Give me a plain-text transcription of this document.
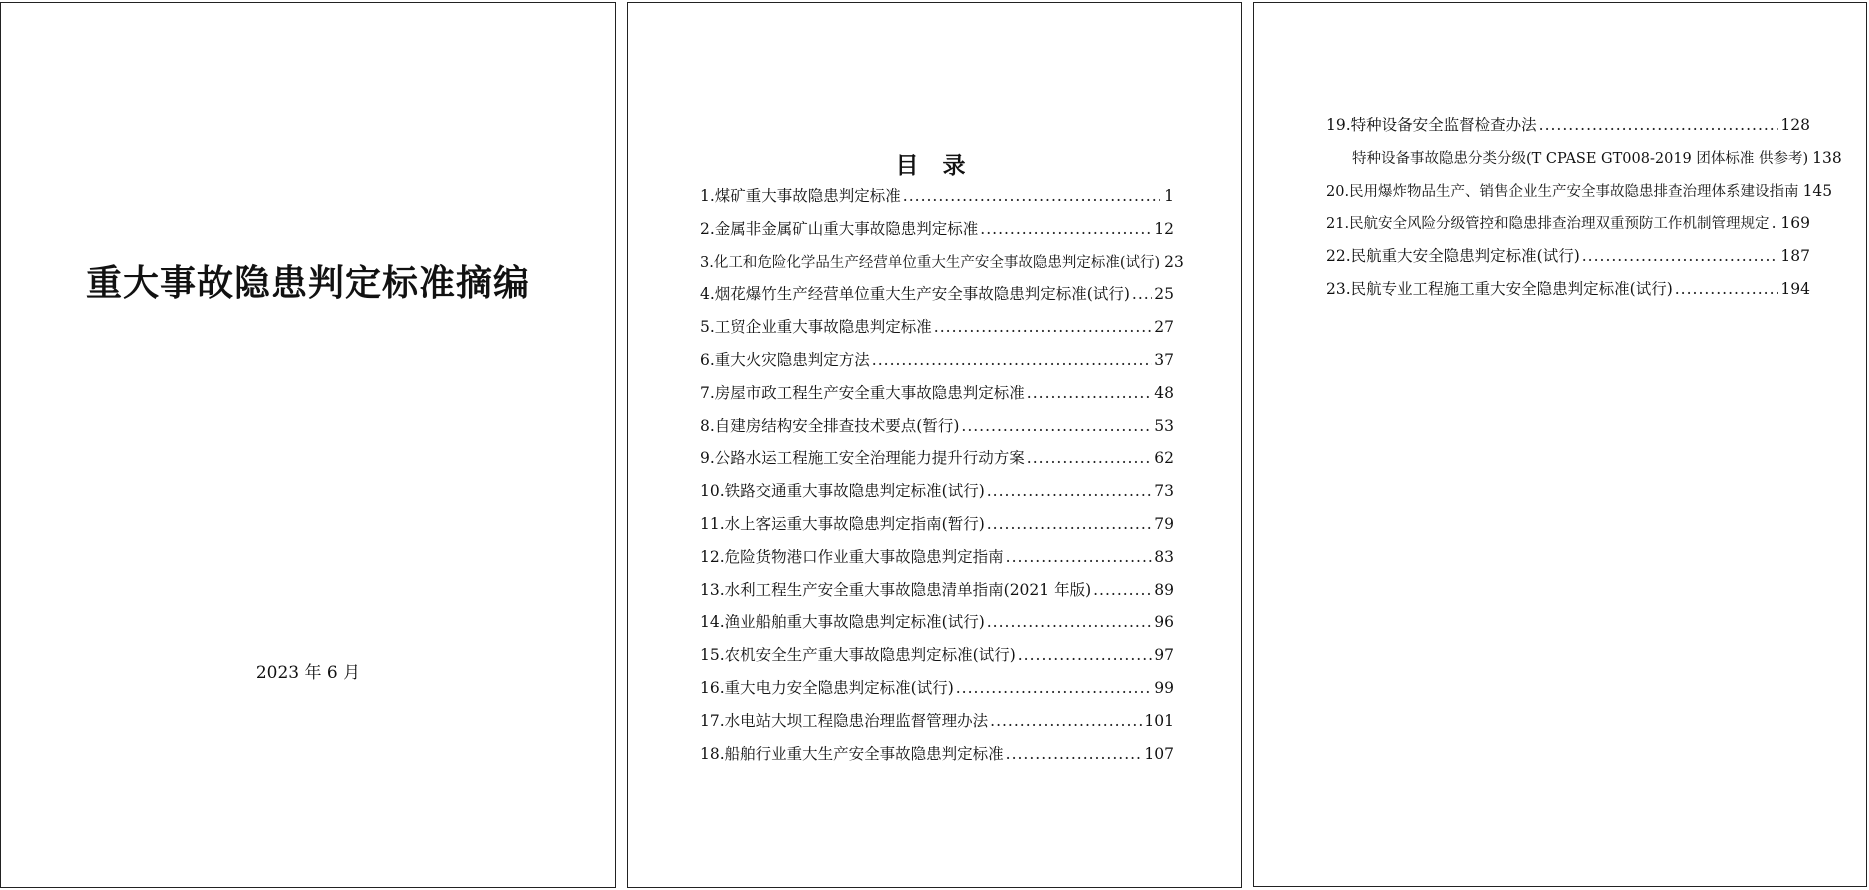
重大事故隐患判定标准摘编
2023 年 6 月
目 录
1.煤矿重大事故隐患判定标准 .....	1
2.金属非金属矿山重大事故隐患判定标准 .....	12
3.化工和危险化学品生产经营单位重大生产安全事故隐患判定标准(试行) 23
4.烟花爆竹生产经营单位重大生产安全事故隐患判定标准(试行) ..... 25
5.工贸企业重大事故隐患判定标准 .....	27
6.重大火灾隐患判定方法 .....	37
7.房屋市政工程生产安全重大事故隐患判定标准 .....	48
8.自建房结构安全排查技术要点(暂行) .....	53
9.公路水运工程施工安全治理能力提升行动方案 .....	62
10.铁路交通重大事故隐患判定标准(试行) .....	73
11.水上客运重大事故隐患判定指南(暂行) .....	79
12.危险货物港口作业重大事故隐患判定指南 .....	83
13.水利工程生产安全重大事故隐患清单指南(2021 年版) .....	89
14.渔业船舶重大事故隐患判定标准(试行) .....	96
15.农机安全生产重大事故隐患判定标准(试行) .....	97
16.重大电力安全隐患判定标准(试行) .....	99
17.水电站大坝工程隐患治理监督管理办法 .....	101
18.船舶行业重大生产安全事故隐患判定标准 .....	107
19.特种设备安全监督检查办法 .....	128
特种设备事故隐患分类分级(T CPASE GT008-2019 团体标准 供参考) 138
20.民用爆炸物品生产、销售企业生产安全事故隐患排查治理体系建设指南 145
21.民航安全风险分级管控和隐患排查治理双重预防工作机制管理规定 ..... 169
22.民航重大安全隐患判定标准(试行) .....	187
23.民航专业工程施工重大安全隐患判定标准(试行) .....	194
